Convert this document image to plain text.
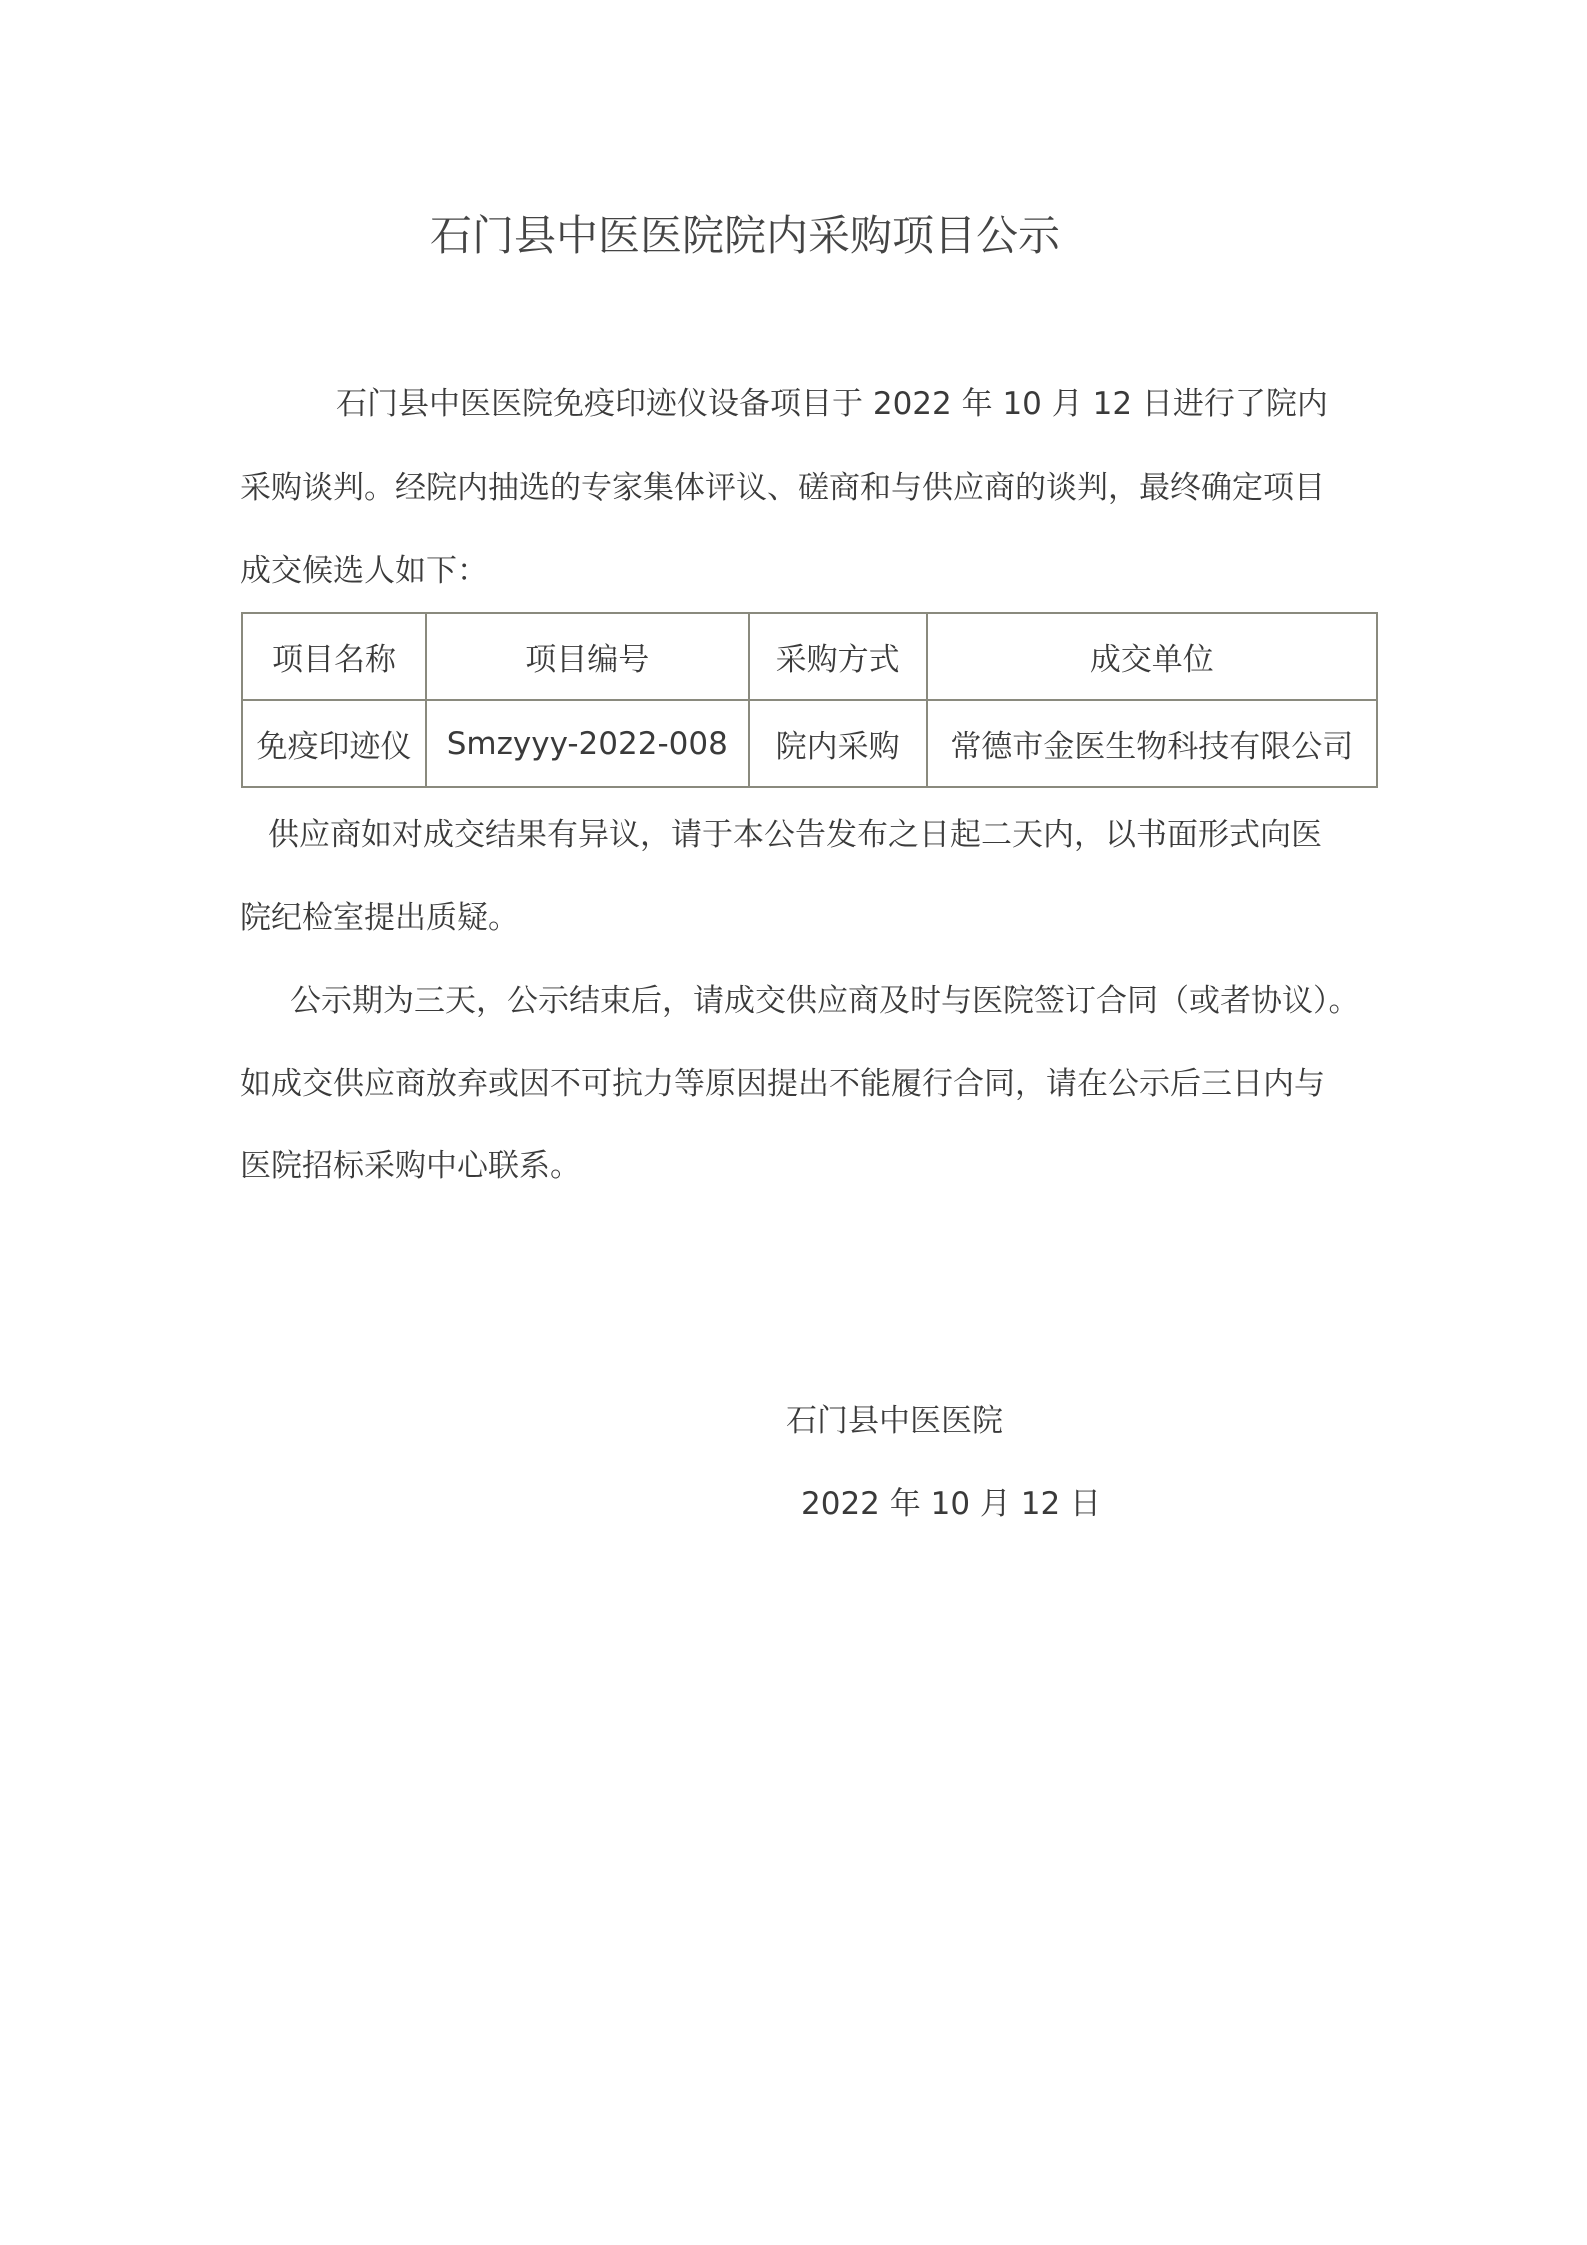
石门县中医医院院内采购项目公示
石门县中医医院免疫印迹仪设备项目于 2022 年 10 月 12 日进行了院内
采购谈判。经院内抽选的专家集体评议、磋商和与供应商的谈判，最终确定项目
成交候选人如下：
项目名称	项目编号	采购方式	成交单位
免疫印迹仪	Smzyyy-2022-008	院内采购	常德市金医生物科技有限公司
供应商如对成交结果有异议，请于本公告发布之日起二天内，以书面形式向医
院纪检室提出质疑。
公示期为三天，公示结束后，请成交供应商及时与医院签订合同（或者协议）。
如成交供应商放弃或因不可抗力等原因提出不能履行合同，请在公示后三日内与
医院招标采购中心联系。
石门县中医医院
2022 年 10 月 12 日
